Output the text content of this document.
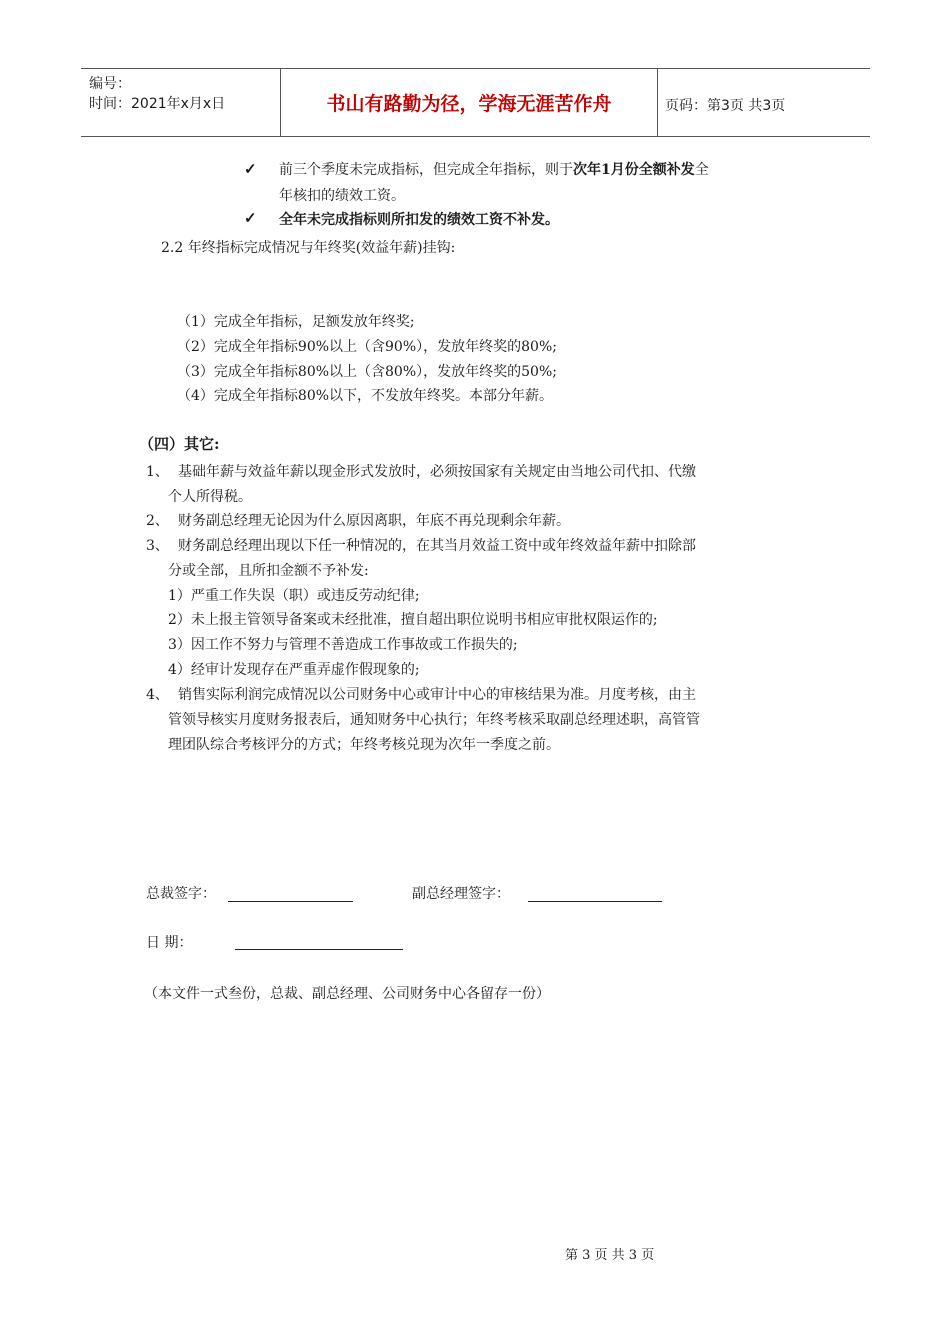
编号：
时间：2021年x月x日	书山有路勤为径，学海无涯苦作舟	页码：第3页 共3页
✓ 前三个季度未完成指标，但完成全年指标，则于次年1月份全额补发全
年核扣的绩效工资。
✓ 全年未完成指标则所扣发的绩效工资不补发。
2.2 年终指标完成情况与年终奖(效益年薪)挂钩:
（1）完成全年指标，足额发放年终奖;
（2）完成全年指标90%以上（含90%），发放年终奖的80%;
（3）完成全年指标80%以上（含80%），发放年终奖的50%;
（4）完成全年指标80%以下，不发放年终奖。本部分年薪。
（四）其它:
1、 基础年薪与效益年薪以现金形式发放时，必须按国家有关规定由当地公司代扣、代缴
个人所得税。
2、 财务副总经理无论因为什么原因离职，年底不再兑现剩余年薪。
3、 财务副总经理出现以下任一种情况的，在其当月效益工资中或年终效益年薪中扣除部
分或全部，且所扣金额不予补发:
1）严重工作失误（职）或违反劳动纪律;
2）未上报主管领导备案或未经批准，擅自超出职位说明书相应审批权限运作的;
3）因工作不努力与管理不善造成工作事故或工作损失的;
4）经审计发现存在严重弄虚作假现象的;
4、 销售实际利润完成情况以公司财务中心或审计中心的审核结果为准。月度考核，由主
管领导核实月度财务报表后，通知财务中心执行；年终考核采取副总经理述职，高管管
理团队综合考核评分的方式；年终考核兑现为次年一季度之前。
总裁签字：	副总经理签字：
日 期：
（本文件一式叁份，总裁、副总经理、公司财务中心各留存一份）
第 3 页 共 3 页
